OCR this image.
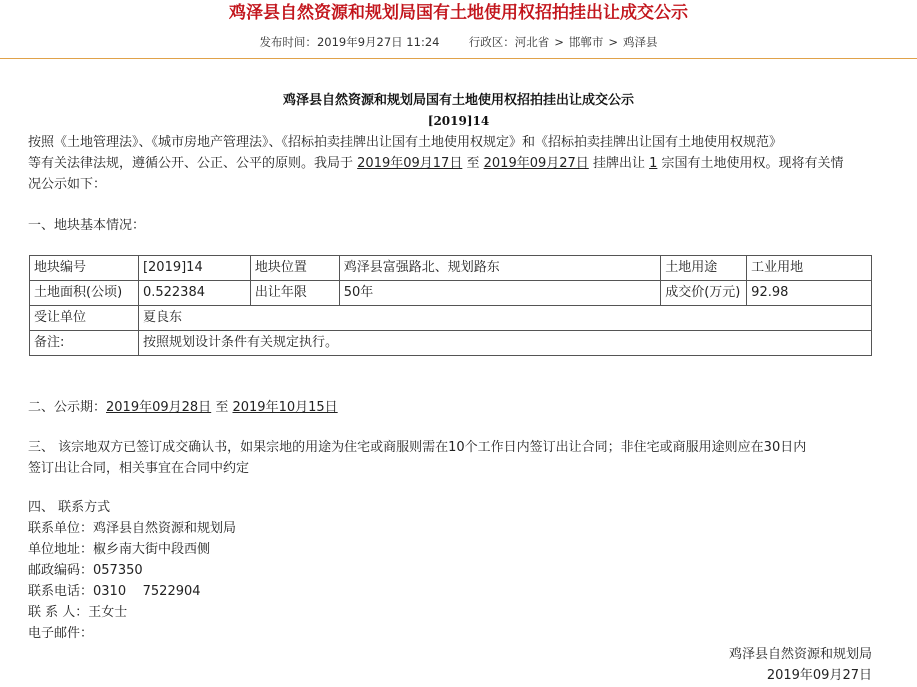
鸡泽县自然资源和规划局国有土地使用权招拍挂出让成交公示
发布时间：2019年9月27日 11:24	行政区：河北省 > 邯郸市 > 鸡泽县
鸡泽县自然资源和规划局国有土地使用权招拍挂出让成交公示
[2019]14
按照《土地管理法》、《城市房地产管理法》、《招标拍卖挂牌出让国有土地使用权规定》和《招标拍卖挂牌出让国有土地使用权规范》
等有关法律法规，遵循公开、公正、公平的原则。我局于 2019年09月17日 至 2019年09月27日 挂牌出让 1 宗国有土地使用权。现将有关情
况公示如下：
一、地块基本情况：
地块编号	[2019]14	地块位置	鸡泽县富强路北、规划路东	土地用途	工业用地
土地面积(公顷)	0.522384	出让年限	50年	成交价(万元)	92.98
受让单位	夏良东				
备注:	按照规划设计条件有关规定执行。				
二、公示期：2019年09月28日 至 2019年10月15日
三、 该宗地双方已签订成交确认书，如果宗地的用途为住宅或商服则需在10个工作日内签订出让合同；非住宅或商服用途则应在30日内
签订出让合同，相关事宜在合同中约定
四、 联系方式
联系单位：鸡泽县自然资源和规划局
单位地址：椒乡南大街中段西侧
邮政编码：057350
联系电话：0310    7522904
联 系 人：王女士
电子邮件：
鸡泽县自然资源和规划局
2019年09月27日
